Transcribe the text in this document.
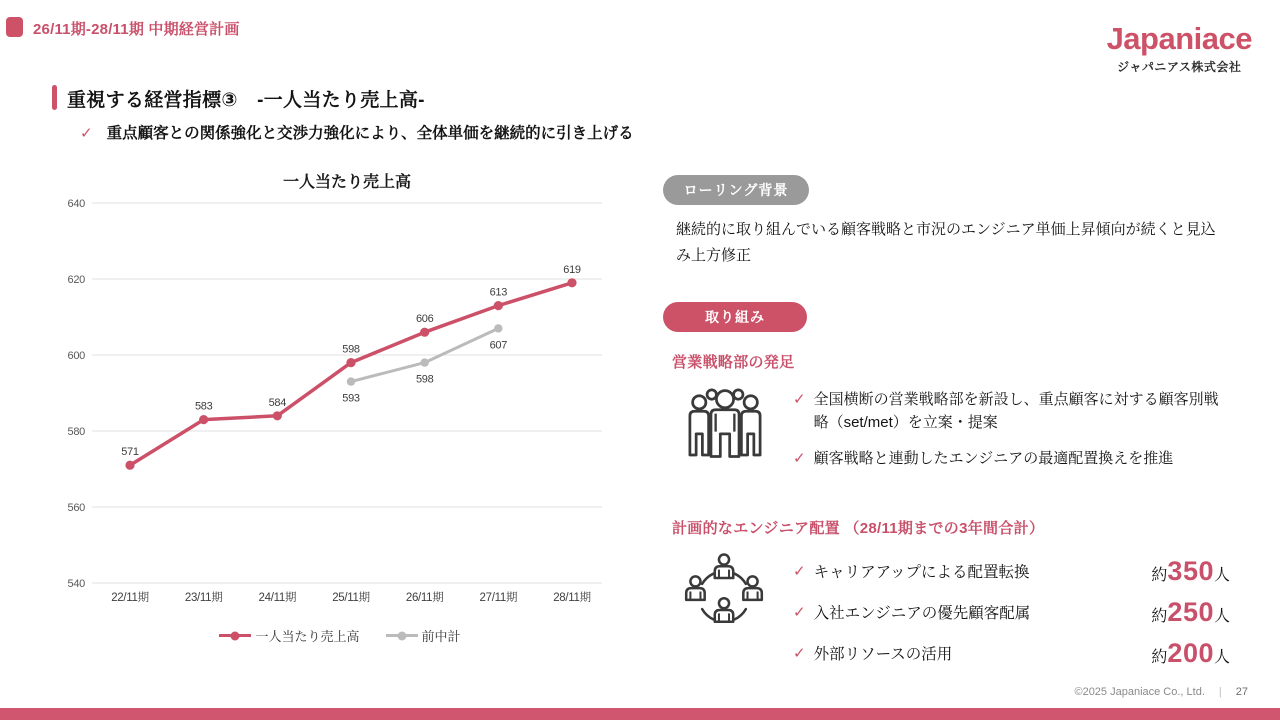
26/11期-28/11期 中期経営計画	Japaniace
ジャパニアス株式会社
重視する経営指標③　-一人当たり売上高-
✓ 重点顧客との関係強化と交渉力強化により、全体単価を継続的に引き上げる
一人当たり売上高
540
560
580
600
620
640
22/11期	23/11期	24/11期	25/11期	26/11期	27/11期	28/11期
593
598
607
571
583	584
598
606
613
619
一人当たり売上高	前中計
ローリング背景
継続的に取り組んでいる顧客戦略と市況のエンジニア単価上昇傾向が続くと見込み上方修正
取り組み
営業戦略部の発足
✓ 全国横断の営業戦略部を新設し、重点顧客に対する顧客別戦略（set/met）を立案・提案
✓ 顧客戦略と連動したエンジニアの最適配置換えを推進
計画的なエンジニア配置 （28/11期までの3年間合計）
✓ キャリアアップによる配置転換	約 350 人
✓ 入社エンジニアの優先顧客配属	約 250 人
✓ 外部リソースの活用	約 200 人
©2025 Japaniace Co., Ltd. | 27
